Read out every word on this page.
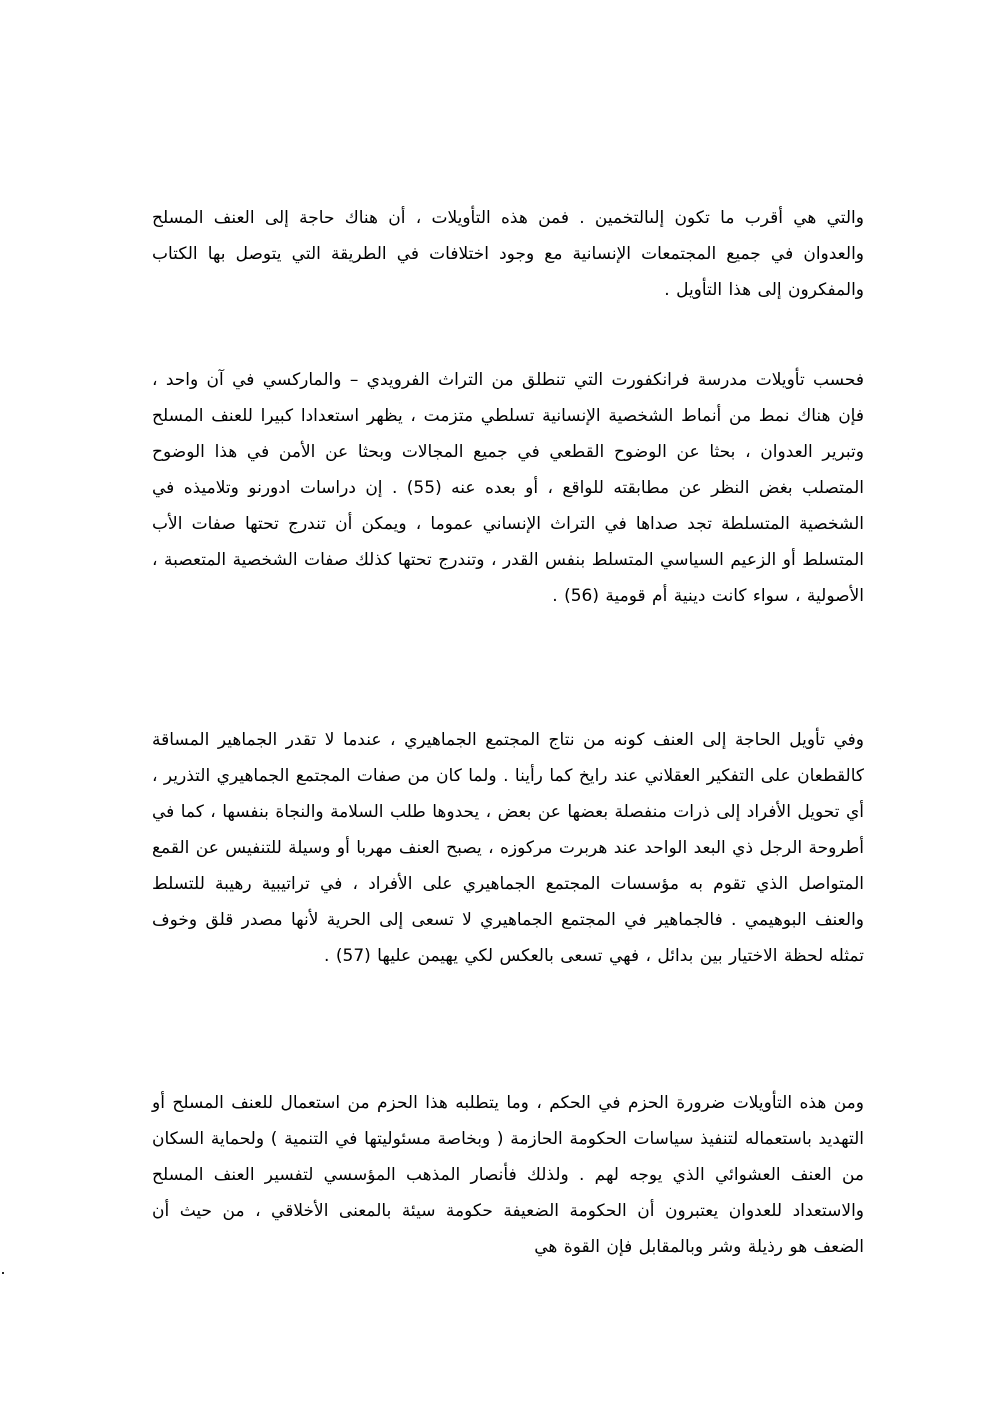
والتي هي أقرب ما تكون إلىالتخمين . فمن هذه التأويلات ، أن هناك حاجة إلى العنف المسلح والعدوان في جميع المجتمعات الإنسانية مع وجود اختلافات في الطريقة التي يتوصل بها الكتاب والمفكرون إلى هذا التأويل .

فحسب تأويلات مدرسة فرانكفورت التي تنطلق من التراث الفرويدي – والماركسي في آن واحد ، فإن هناك نمط من أنماط الشخصية الإنسانية تسلطي متزمت ، يظهر استعدادا كبيرا للعنف المسلح وتبرير العدوان ، بحثا عن الوضوح القطعي في جميع المجالات وبحثا عن الأمن في هذا الوضوح المتصلب بغض النظر عن مطابقته للواقع ، أو بعده عنه (55) . إن دراسات ادورنو وتلاميذه في الشخصية المتسلطة تجد صداها في التراث الإنساني عموما ، ويمكن أن تندرج تحتها صفات الأب المتسلط أو الزعيم السياسي المتسلط بنفس القدر ، وتندرج تحتها كذلك صفات الشخصية المتعصبة ، الأصولية ، سواء كانت دينية أم قومية (56) .

وفي تأويل الحاجة إلى العنف كونه من نتاج المجتمع الجماهيري ، عندما لا تقدر الجماهير المساقة كالقطعان على التفكير العقلاني عند رايخ كما رأينا . ولما كان من صفات المجتمع الجماهيري التذرير ، أي تحويل الأفراد إلى ذرات منفصلة بعضها عن بعض ، يحدوها طلب السلامة والنجاة بنفسها ، كما في أطروحة الرجل ذي البعد الواحد عند هربرت مركوزه ، يصبح العنف مهربا أو وسيلة للتنفيس عن القمع المتواصل الذي تقوم به مؤسسات المجتمع الجماهيري على الأفراد ، في تراتيبية رهيبة للتسلط والعنف البوهيمي . فالجماهير في المجتمع الجماهيري لا تسعى إلى الحرية لأنها مصدر قلق وخوف تمثله لحظة الاختيار بين بدائل ، فهي تسعى بالعكس لكي يهيمن عليها (57) .

ومن هذه التأويلات ضرورة الحزم في الحكم ، وما يتطلبه هذا الحزم من استعمال للعنف المسلح أو التهديد باستعماله لتنفيذ سياسات الحكومة الحازمة ( وبخاصة مسئوليتها في التنمية ) ولحماية السكان من العنف العشوائي الذي يوجه لهم . ولذلك فأنصار المذهب المؤسسي لتفسير العنف المسلح والاستعداد للعدوان يعتبرون أن الحكومة الضعيفة حكومة سيئة بالمعنى الأخلاقي ، من حيث أن الضعف هو رذيلة وشر وبالمقابل فإن القوة هي
